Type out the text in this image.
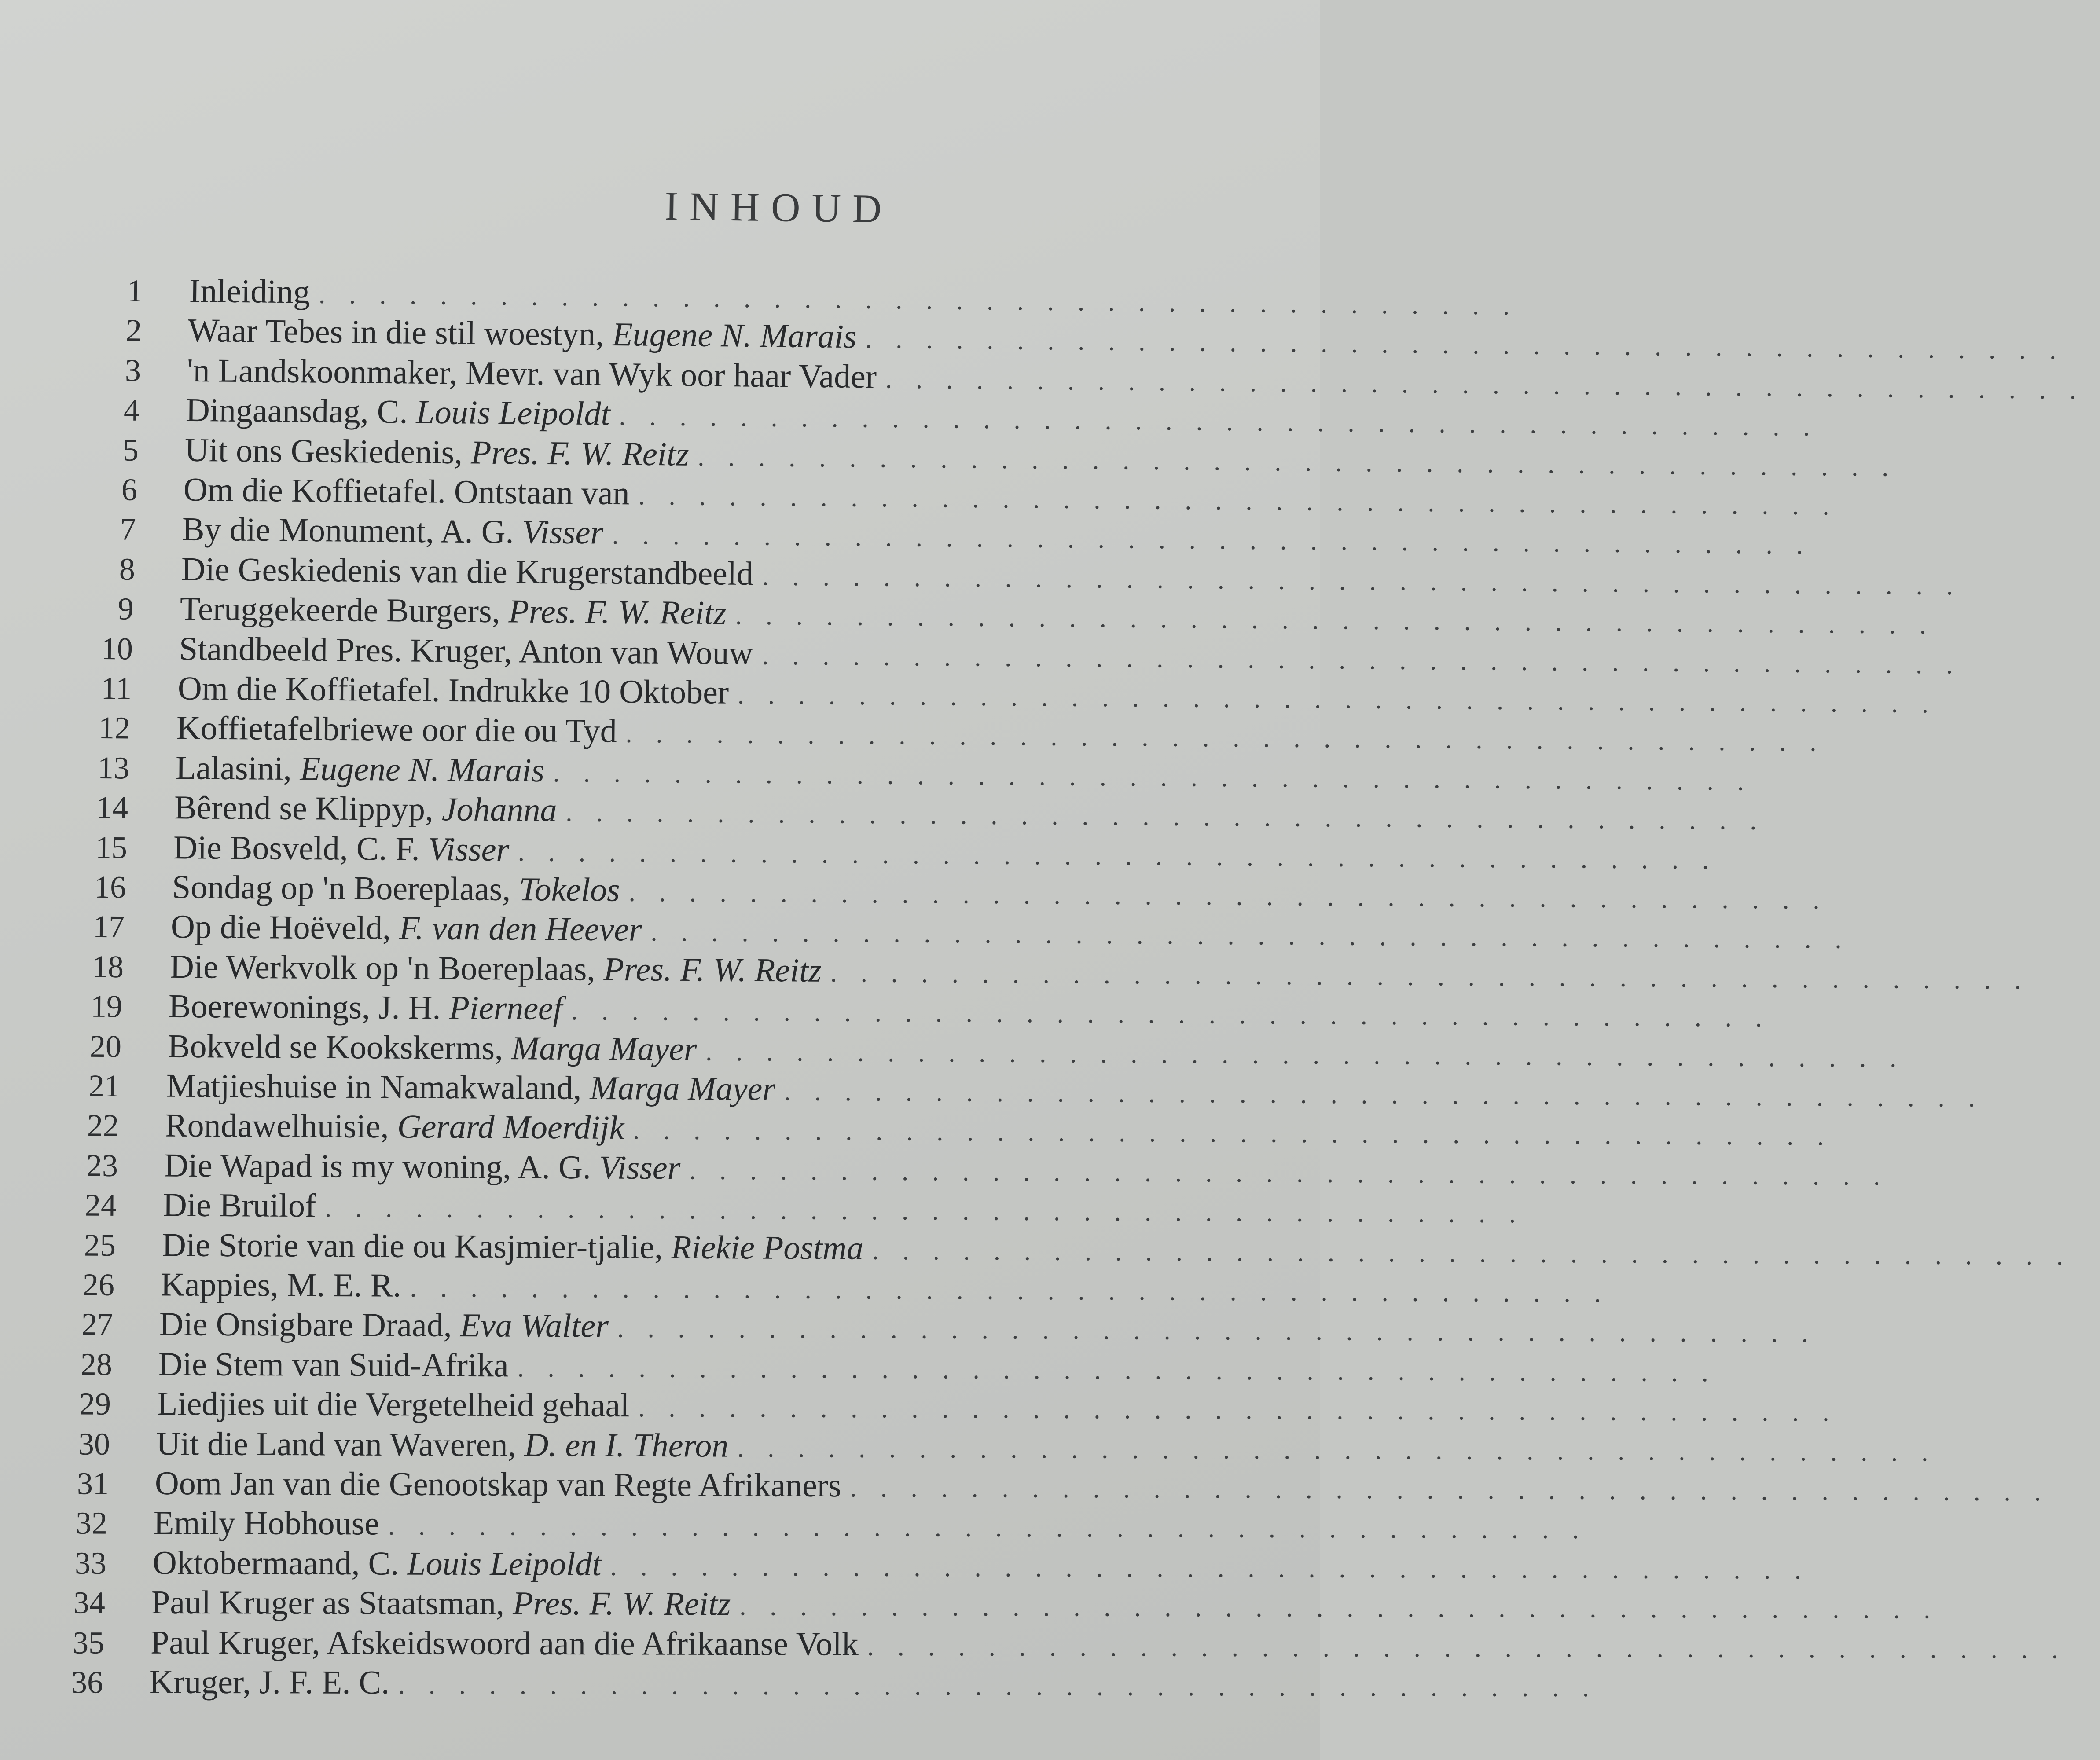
INHOUD
1	Inleiding ........................................
2	Waar Tebes in die stil woestyn, Eugene N. Marais ........................................
3	'n Landskoonmaker, Mevr. van Wyk oor haar Vader ........................................
4	Dingaansdag, C. Louis Leipoldt ........................................
5	Uit ons Geskiedenis, Pres. F. W. Reitz ........................................
6	Om die Koffietafel. Ontstaan van ........................................
7	By die Monument, A. G. Visser ........................................
8	Die Geskiedenis van die Krugerstandbeeld ........................................
9	Teruggekeerde Burgers, Pres. F. W. Reitz ........................................
10	Standbeeld Pres. Kruger, Anton van Wouw ........................................
11	Om die Koffietafel. Indrukke 10 Oktober ........................................
12	Koffietafelbriewe oor die ou Tyd ........................................
13	Lalasini, Eugene N. Marais ........................................
14	Bêrend se Klippyp, Johanna ........................................
15	Die Bosveld, C. F. Visser ........................................
16	Sondag op 'n Boereplaas, Tokelos ........................................
17	Op die Hoëveld, F. van den Heever ........................................
18	Die Werkvolk op 'n Boereplaas, Pres. F. W. Reitz ........................................
19	Boerewonings, J. H. Pierneef ........................................
20	Bokveld se Kookskerms, Marga Mayer ........................................
21	Matjieshuise in Namakwaland, Marga Mayer ........................................
22	Rondawelhuisie, Gerard Moerdijk ........................................
23	Die Wapad is my woning, A. G. Visser ........................................
24	Die Bruilof ........................................
25	Die Storie van die ou Kasjmier-tjalie, Riekie Postma ........................................
26	Kappies, M. E. R. ........................................
27	Die Onsigbare Draad, Eva Walter ........................................
28	Die Stem van Suid-Afrika ........................................
29	Liedjies uit die Vergetelheid gehaal ........................................
30	Uit die Land van Waveren, D. en I. Theron ........................................
31	Oom Jan van die Genootskap van Regte Afrikaners ........................................
32	Emily Hobhouse ........................................
33	Oktobermaand, C. Louis Leipoldt ........................................
34	Paul Kruger as Staatsman, Pres. F. W. Reitz ........................................
35	Paul Kruger, Afskeidswoord aan die Afrikaanse Volk ........................................
36	Kruger, J. F. E. C. ........................................
